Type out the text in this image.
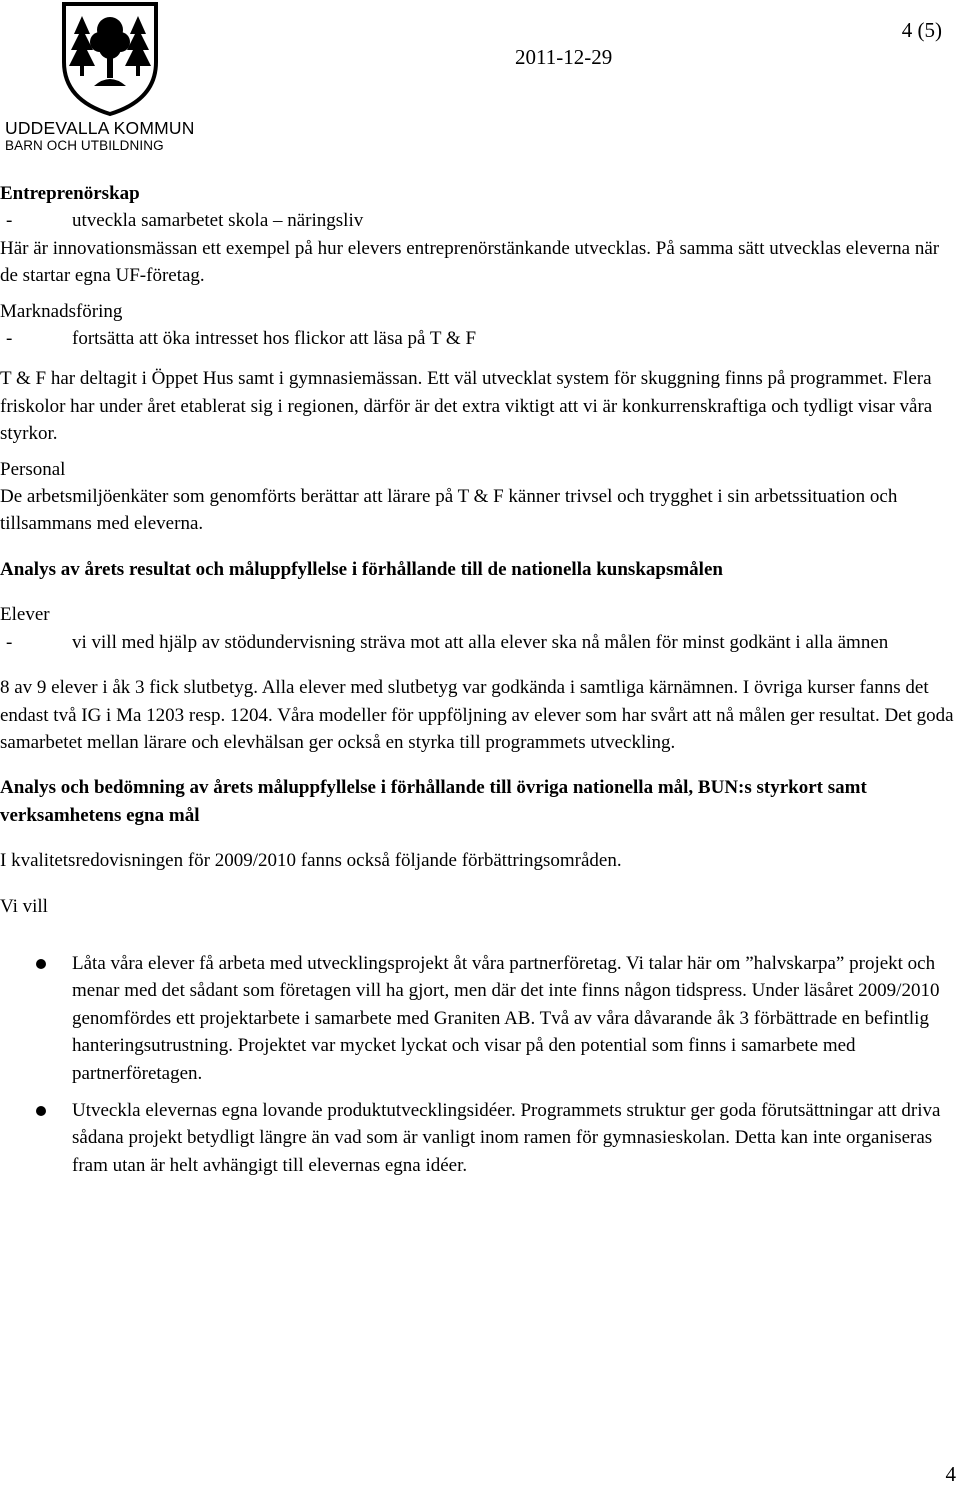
UDDEVALLA KOMMUN
BARN OCH UTBILDNING
4 (5)
2011-12-29

Entreprenörskap

-	utveckla samarbetet skola – näringsliv

Här är innovationsmässan ett exempel på hur elevers entreprenörstänkande utvecklas. På samma sätt utvecklas eleverna när de startar egna UF-företag.

Marknadsföring

-	fortsätta att öka intresset hos flickor att läsa på T & F

T & F har deltagit i Öppet Hus samt i gymnasiemässan. Ett väl utvecklat system för skuggning finns på programmet. Flera friskolor har under året etablerat sig i regionen, därför är det extra viktigt att vi är konkurrenskraftiga och tydligt visar våra styrkor.

Personal

De arbetsmiljöenkäter som genomförts berättar att lärare på T & F känner trivsel och trygghet i sin arbetssituation och tillsammans med eleverna.

Analys av årets resultat och måluppfyllelse i förhållande till de nationella kunskapsmålen

Elever

-	vi vill med hjälp av stödundervisning sträva mot att alla elever ska nå målen för minst godkänt i alla ämnen

8 av 9 elever i åk 3 fick slutbetyg. Alla elever med slutbetyg var godkända i samtliga kärnämnen. I övriga kurser fanns det endast två IG i Ma 1203 resp. 1204. Våra modeller för uppföljning av elever som har svårt att nå målen ger resultat. Det goda samarbetet mellan lärare och elevhälsan ger också en styrka till programmets utveckling.

Analys och bedömning av årets måluppfyllelse i förhållande till övriga nationella mål, BUN:s styrkort samt verksamhetens egna mål

I kvalitetsredovisningen för 2009/2010 fanns också följande förbättringsområden.

Vi vill

Låta våra elever få arbeta med utvecklingsprojekt åt våra partnerföretag. Vi talar här om ”halvskarpa” projekt och menar med det sådant som företagen vill ha gjort, men där det inte finns någon tidspress. Under läsåret 2009/2010 genomfördes ett projektarbete i samarbete med Graniten AB. Två av våra dåvarande åk 3 förbättrade en befintlig hanteringsutrustning. Projektet var mycket lyckat och visar på den potential som finns i samarbete med partnerföretagen.
Utveckla elevernas egna lovande produktutvecklingsidéer. Programmets struktur ger goda förutsättningar att driva sådana projekt betydligt längre än vad som är vanligt inom ramen för gymnasieskolan. Detta kan inte organiseras fram utan är helt avhängigt till elevernas egna idéer.
4
